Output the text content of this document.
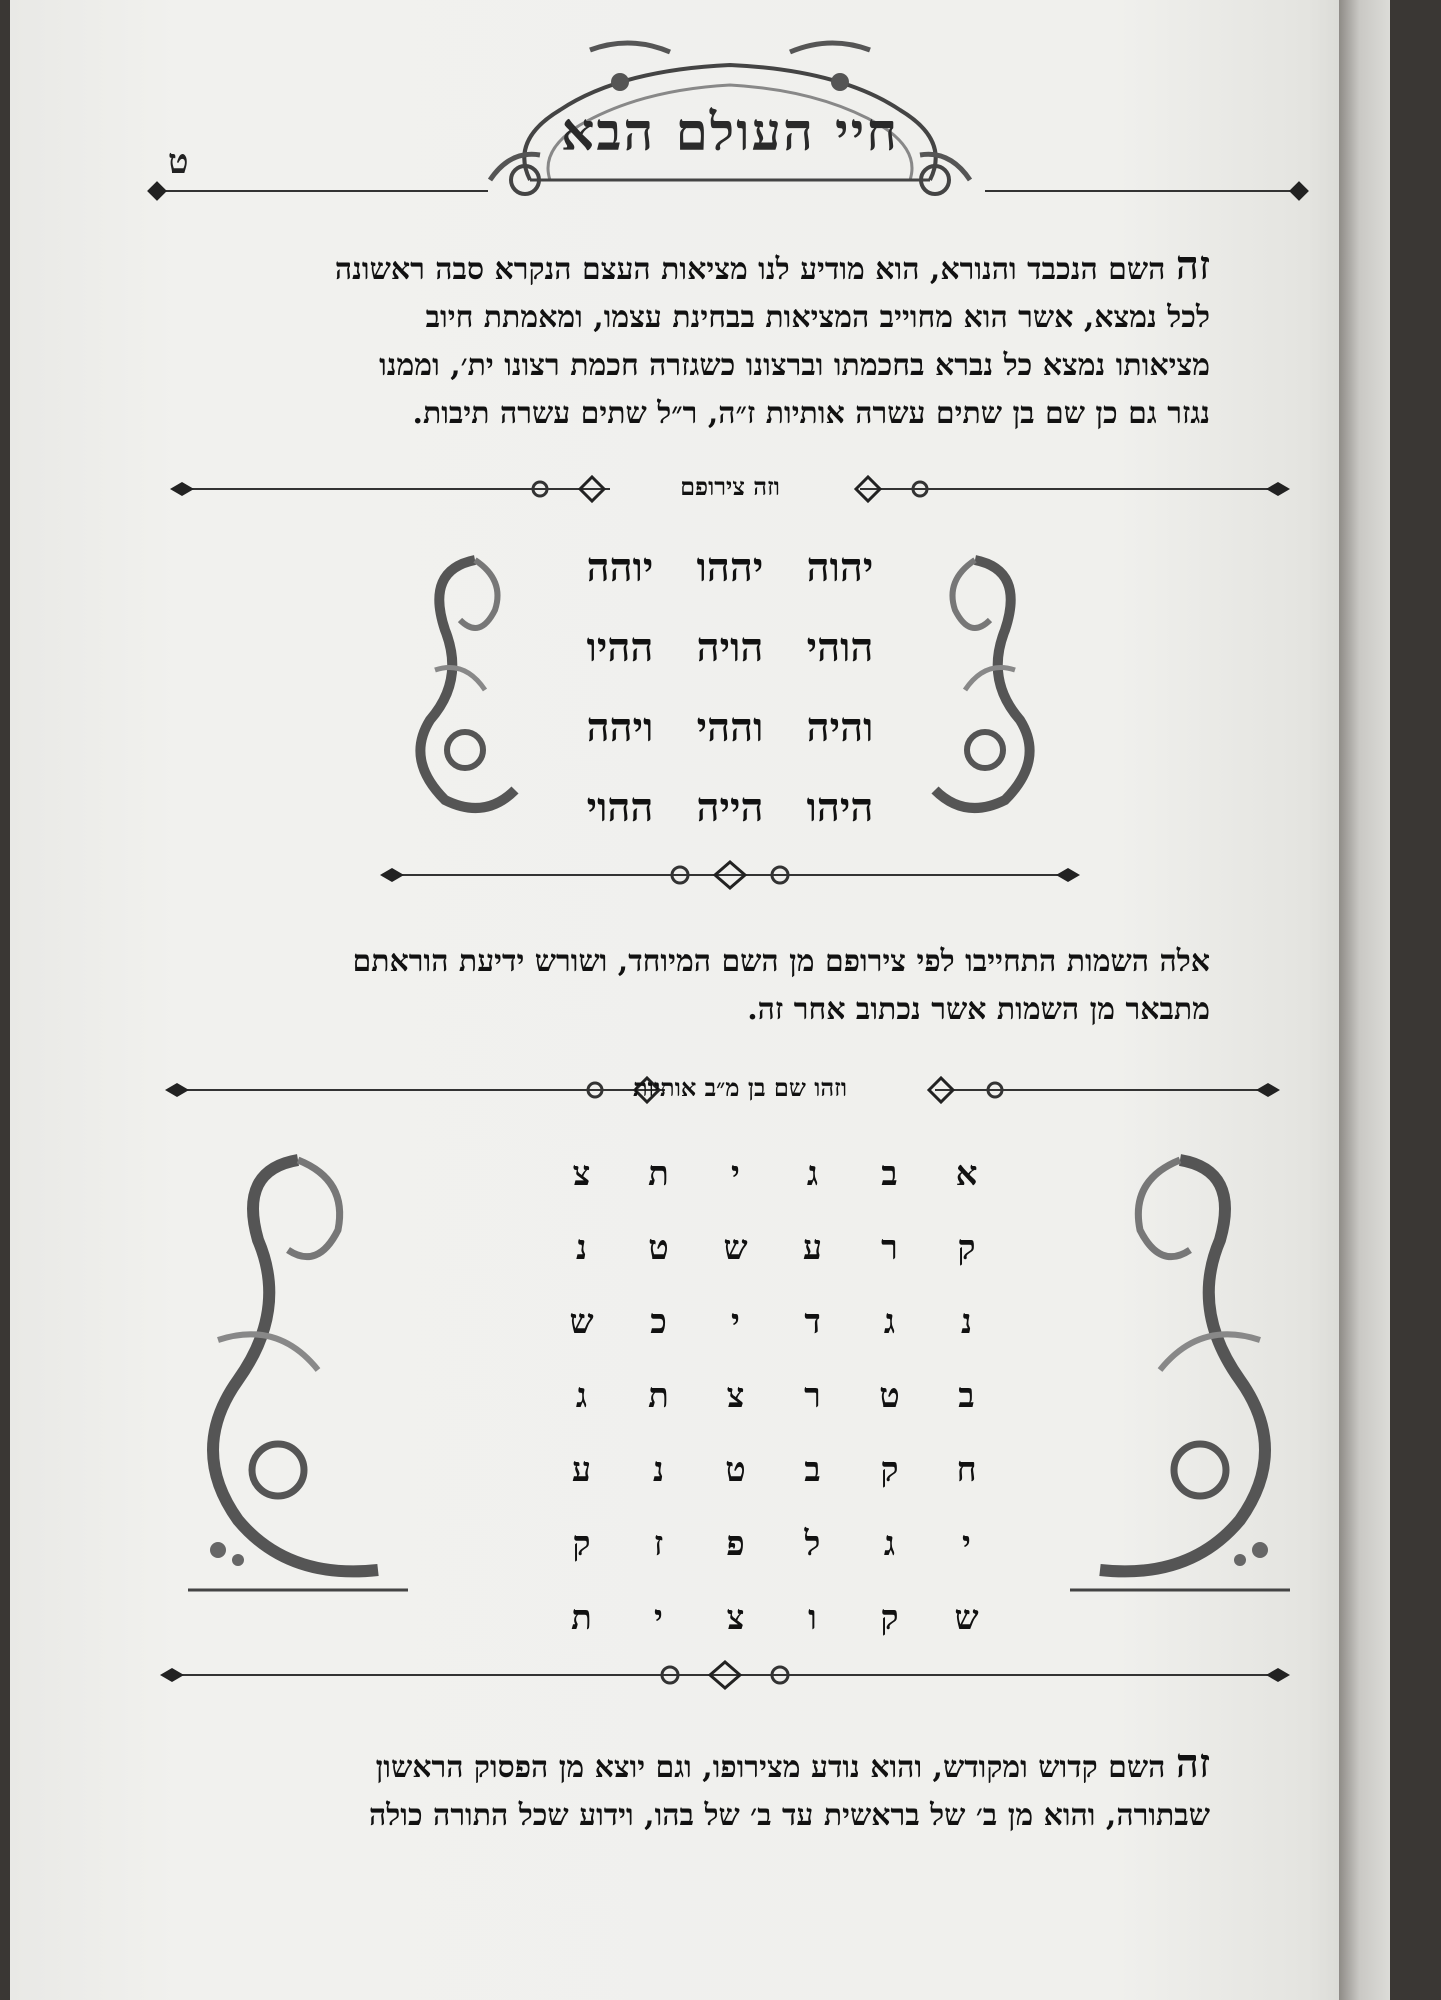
ט	חיי העולם הבא
זה השם הנכבד והנורא, הוא מודיע לנו מציאות העצם הנקרא סבה ראשונה
לכל נמצא, אשר הוא מחוייב המציאות בבחינת עצמו, ומאמתת חיוב
מציאותו נמצא כל נברא בחכמתו וברצונו כשגזרה חכמת רצונו ית׳, וממנו
נגזר גם כן שם בן שתים עשרה אותיות ז״ה, ר״ל שתים עשרה תיבות.
וזה צירופם
יהוה
יההו
יוהה
הוהי
הויה
ההיו
והיה
וההי
ויהה
היהו
הייה
ההוי
אלה השמות התחייבו לפי צירופם מן השם המיוחד, ושורש ידיעת הוראתם
מתבאר מן השמות אשר נכתוב אחר זה.
וזהו שם בן מ״ב אותיות
א
ב
ג
י
ת
צ
ק
ר
ע
ש
ט
נ
נ
ג
ד
י
כ
ש
ב
ט
ר
צ
ת
ג
ח
ק
ב
ט
נ
ע
י
ג
ל
פ
ז
ק
ש
ק
ו
צ
י
ת
זה השם קדוש ומקודש, והוא נודע מצירופו, וגם יוצא מן הפסוק הראשון
שבתורה, והוא מן ב׳ של בראשית עד ב׳ של בהו, וידוע שכל התורה כולה
